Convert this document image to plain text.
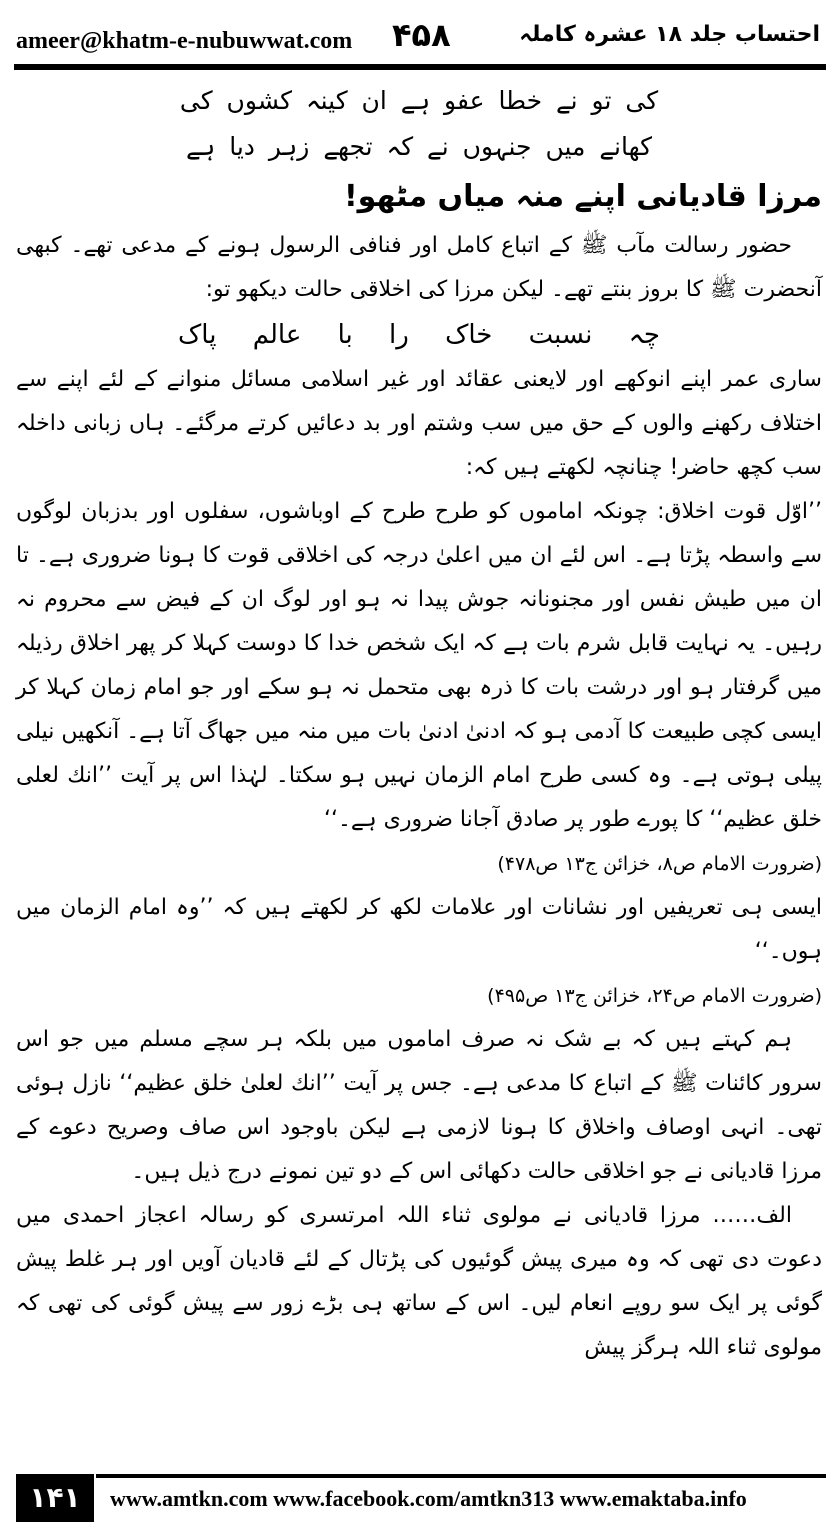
ameer@khatm-e-nubuwwat.com ۴۵۸	احتساب جلد ۱۸ عشرہ کاملہ

کی تو نے خطا عفو ہے ان کینہ کشوں کی

کھانے میں جنہوں نے کہ تجھے زہر دیا ہے

مرزا قادیانی اپنے منہ میاں مٹھو!

حضور رسالت مآب ﷺ کے اتباع کامل اور فنافی الرسول ہونے کے مدعی تھے۔ کبھی آنحضرت ﷺ کا بروز بنتے تھے۔ لیکن مرزا کی اخلاقی حالت دیکھو تو:

چہ نسبت خاک را با عالم پاک

ساری عمر اپنے انوکھے اور لایعنی عقائد اور غیر اسلامی مسائل منوانے کے لئے اپنے سے اختلاف رکھنے والوں کے حق میں سب وشتم اور بد دعائیں کرتے مرگئے۔ ہاں زبانی داخلہ سب کچھ حاضر! چنانچہ لکھتے ہیں کہ:

’’اوّل قوت اخلاق: چونکہ اماموں کو طرح طرح کے اوباشوں، سفلوں اور بدزبان لوگوں سے واسطہ پڑتا ہے۔ اس لئے ان میں اعلیٰ درجہ کی اخلاقی قوت کا ہونا ضروری ہے۔ تا ان میں طیش نفس اور مجنونانہ جوش پیدا نہ ہو اور لوگ ان کے فیض سے محروم نہ رہیں۔ یہ نہایت قابل شرم بات ہے کہ ایک شخص خدا کا دوست کہلا کر پھر اخلاق رذیلہ میں گرفتار ہو اور درشت بات کا ذرہ بھی متحمل نہ ہو سکے اور جو امام زمان کہلا کر ایسی کچی طبیعت کا آدمی ہو کہ ادنیٰ ادنیٰ بات میں منہ میں جھاگ آتا ہے۔ آنکھیں نیلی پیلی ہوتی ہے۔ وہ کسی طرح امام الزمان نہیں ہو سکتا۔ لہٰذا اس پر آیت ’’انك لعلی خلق عظیم‘‘ کا پورے طور پر صادق آجانا ضروری ہے۔‘‘

(ضرورت الامام ص۸، خزائن ج۱۳ ص۴۷۸)

ایسی ہی تعریفیں اور نشانات اور علامات لکھ کر لکھتے ہیں کہ ’’وہ امام الزمان میں ہوں۔‘‘

(ضرورت الامام ص۲۴، خزائن ج۱۳ ص۴۹۵)

ہم کہتے ہیں کہ بے شک نہ صرف اماموں میں بلکہ ہر سچے مسلم میں جو اس سرور کائنات ﷺ کے اتباع کا مدعی ہے۔ جس پر آیت ’’انك لعلیٰ خلق عظیم‘‘ نازل ہوئی تھی۔ انہی اوصاف واخلاق کا ہونا لازمی ہے لیکن باوجود اس صاف وصریح دعوے کے مرزا قادیانی نے جو اخلاقی حالت دکھائی اس کے دو تین نمونے درج ذیل ہیں۔

الف…… مرزا قادیانی نے مولوی ثناء اللہ امرتسری کو رسالہ اعجاز احمدی میں دعوت دی تھی کہ وہ میری پیش گوئیوں کی پڑتال کے لئے قادیان آویں اور ہر غلط پیش گوئی پر ایک سو روپے انعام لیں۔ اس کے ساتھ ہی بڑے زور سے پیش گوئی کی تھی کہ مولوی ثناء اللہ ہرگز پیش

۱۴۱	www.amtkn.com www.facebook.com/amtkn313 www.emaktaba.info
